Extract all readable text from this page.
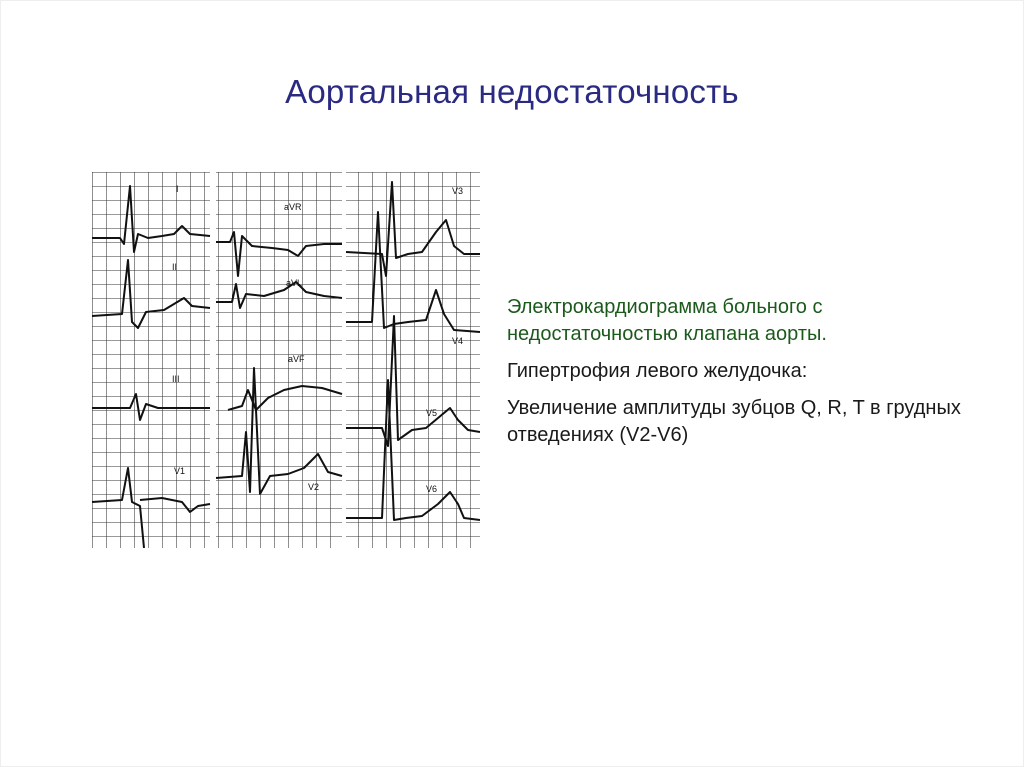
Аортальная недостаточность
I
II
III
V1
aVR
aVL
aVF
V2
V3
V4
V5
V6

Электрокардиограмма больного с недостаточностью клапана аорты.

Гипертрофия левого желудочка:

Увеличение амплитуды зубцов Q, R, T в грудных отведениях (V2-V6)
